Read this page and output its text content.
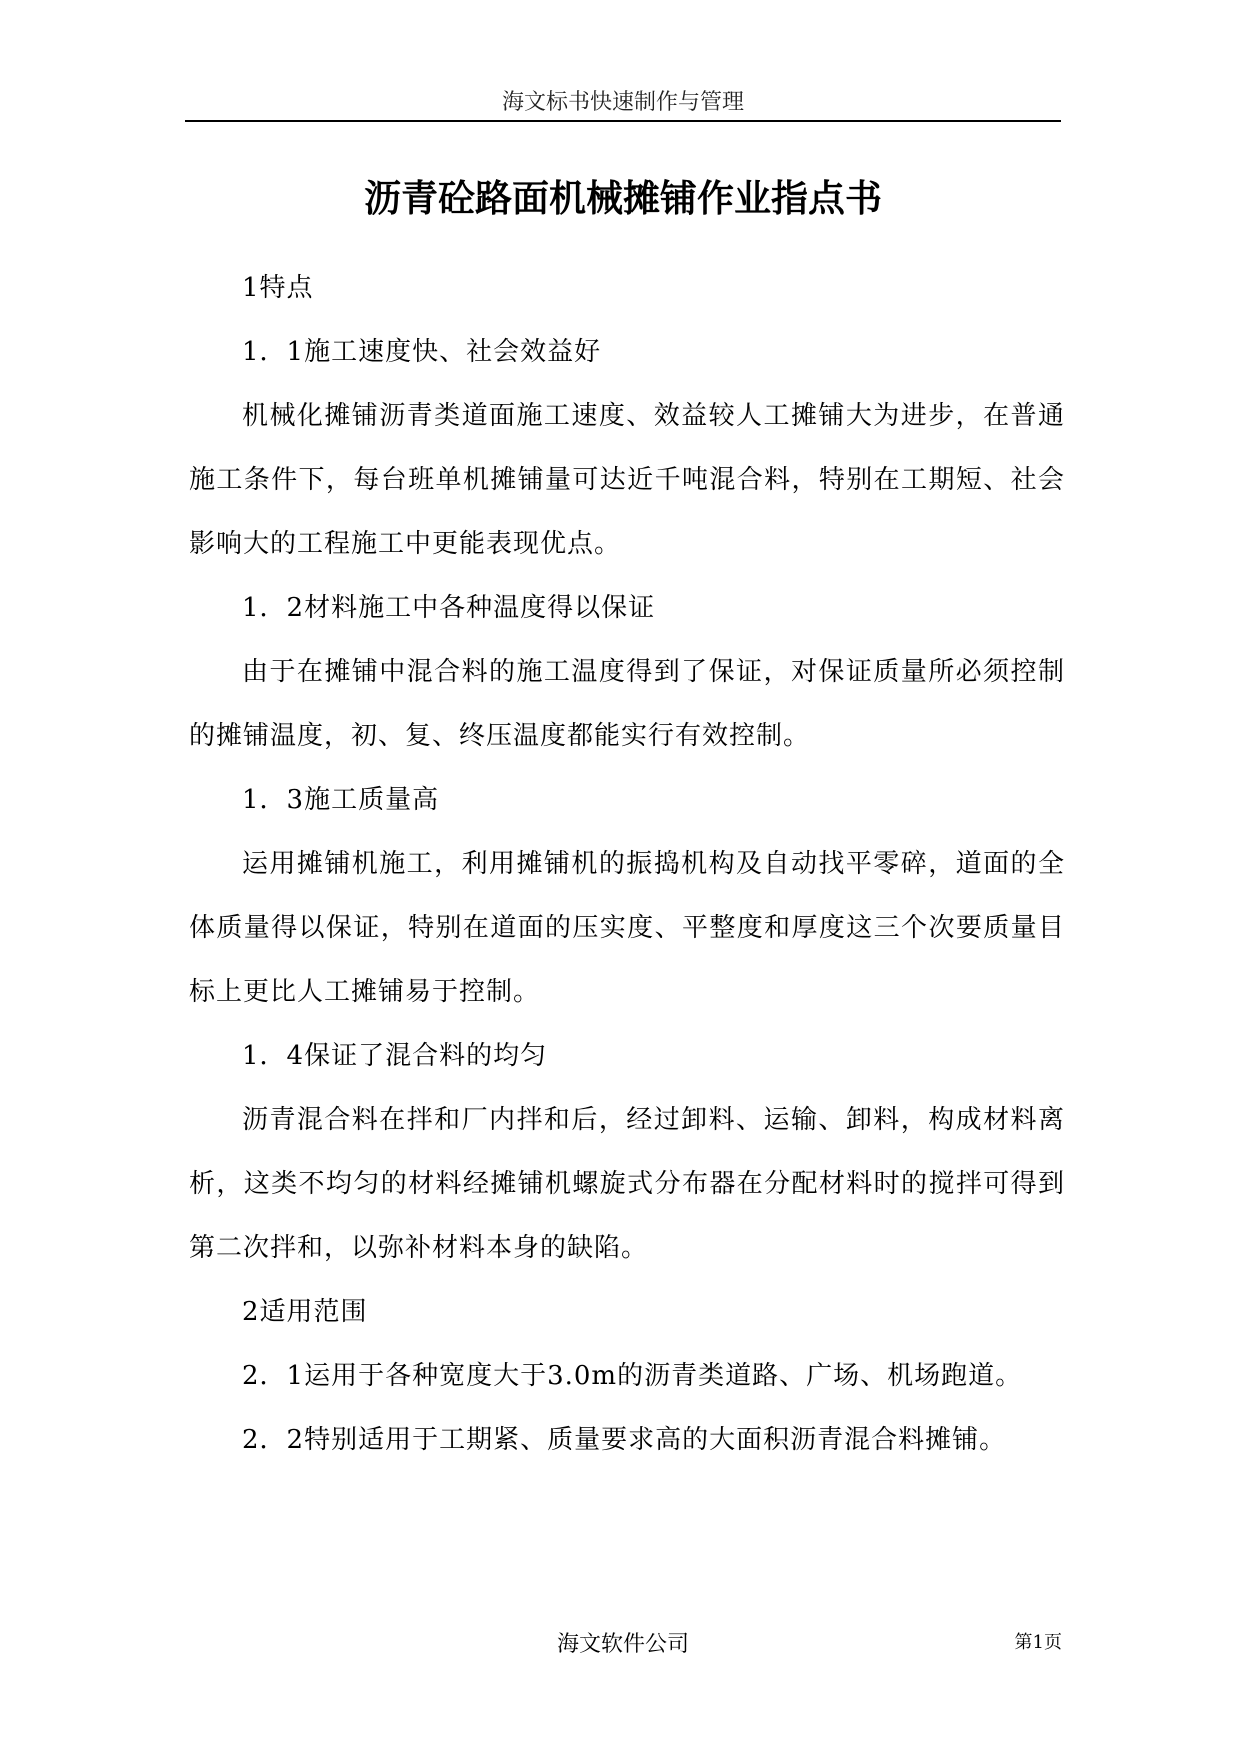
海文标书快速制作与管理
沥青砼路面机械摊铺作业指点书

1特点

1．1施工速度快、社会效益好

机械化摊铺沥青类道面施工速度、效益较人工摊铺大为进步，在普通施工条件下，每台班单机摊铺量可达近千吨混合料，特别在工期短、社会影响大的工程施工中更能表现优点。

1．2材料施工中各种温度得以保证

由于在摊铺中混合料的施工温度得到了保证，对保证质量所必须控制的摊铺温度，初、复、终压温度都能实行有效控制。

1．3施工质量高

运用摊铺机施工，利用摊铺机的振捣机构及自动找平零碎，道面的全体质量得以保证，特别在道面的压实度、平整度和厚度这三个次要质量目标上更比人工摊铺易于控制。

1．4保证了混合料的均匀

沥青混合料在拌和厂内拌和后，经过卸料、运输、卸料，构成材料离析，这类不均匀的材料经摊铺机螺旋式分布器在分配材料时的搅拌可得到第二次拌和，以弥补材料本身的缺陷。

2适用范围

2．1运用于各种宽度大于3.0m的沥青类道路、广场、机场跑道。

2．2特别适用于工期紧、质量要求高的大面积沥青混合料摊铺。

海文软件公司	第1页
